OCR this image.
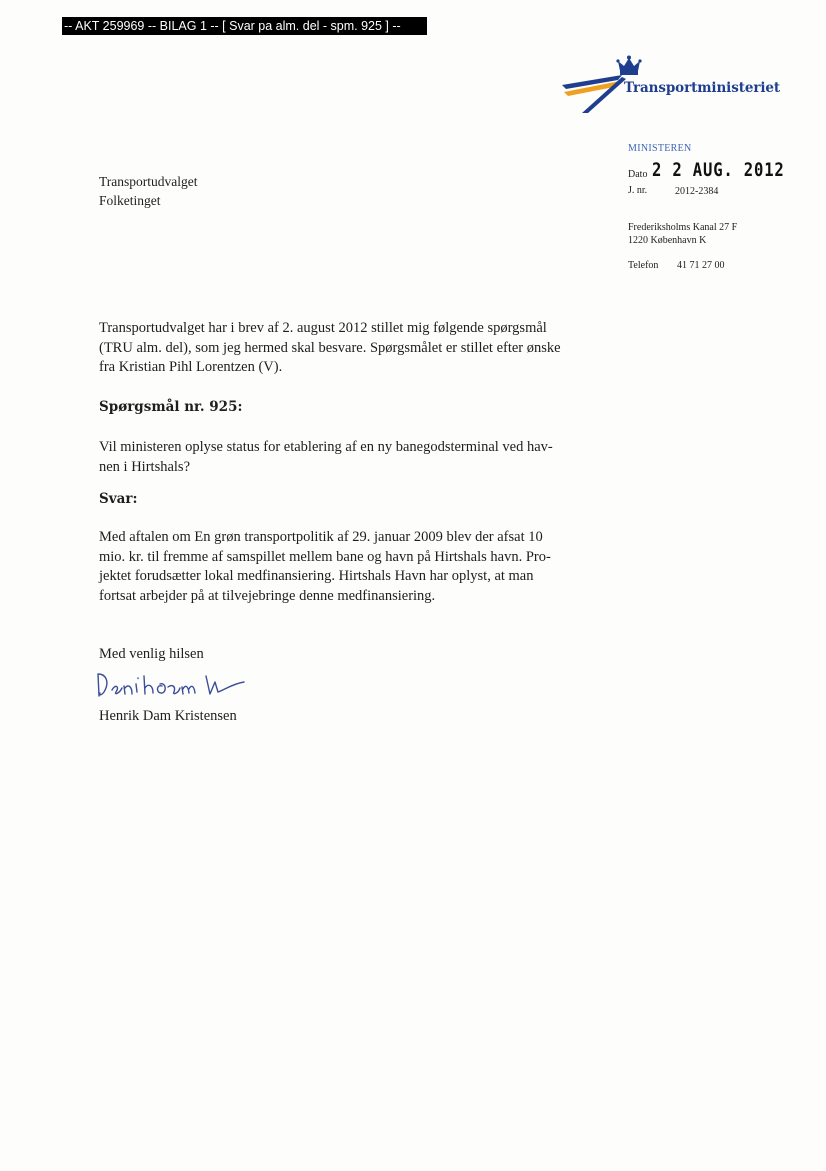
-- AKT 259969 -- BILAG 1 -- [ Svar pa alm. del - spm. 925 ] --
Transportministeriet
Transportudvalget
Folketinget
MINISTEREN
Dato 2 2 AUG. 2012
J. nr.	2012-2384
Frederiksholms Kanal 27 F
1220 København K
Telefon 41 71 27 00
Transportudvalget har i brev af 2. august 2012 stillet mig følgende spørgsmål
(TRU alm. del), som jeg hermed skal besvare. Spørgsmålet er stillet efter ønske
fra Kristian Pihl Lorentzen (V).
Spørgsmål nr. 925:
Vil ministeren oplyse status for etablering af en ny banegodsterminal ved hav-
nen i Hirtshals?
Svar:
Med aftalen om En grøn transportpolitik af 29. januar 2009 blev der afsat 10
mio. kr. til fremme af samspillet mellem bane og havn på Hirtshals havn. Pro-
jektet forudsætter lokal medfinansiering. Hirtshals Havn har oplyst, at man
fortsat arbejder på at tilvejebringe denne medfinansiering.
Med venlig hilsen
Henrik Dam Kristensen
